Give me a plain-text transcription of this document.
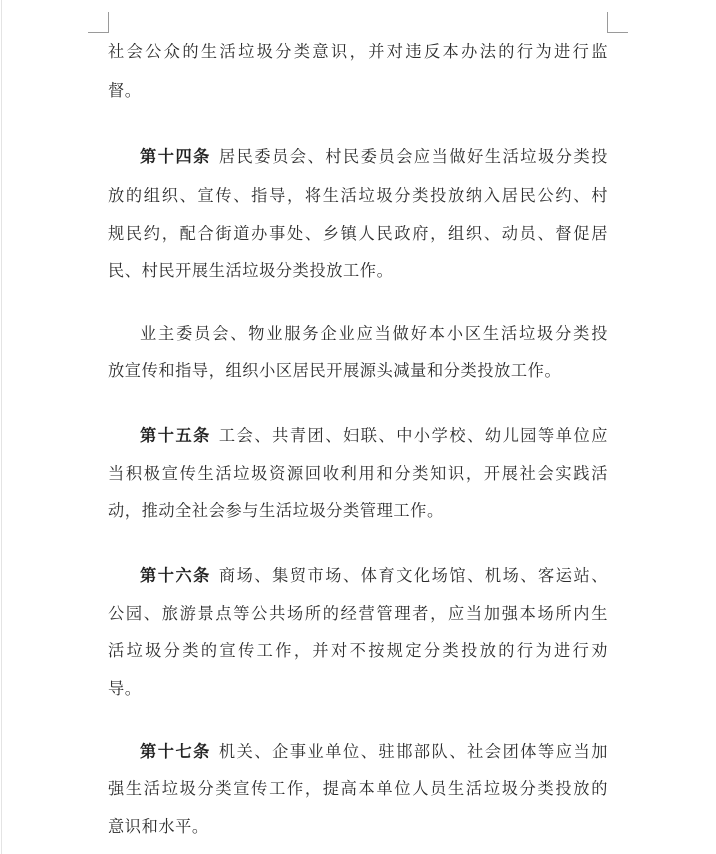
社会公众的生活垃圾分类意识，并对违反本办法的行为进行监
督。
第十四条 居民委员会、村民委员会应当做好生活垃圾分类投
放的组织、宣传、指导，将生活垃圾分类投放纳入居民公约、村
规民约，配合街道办事处、乡镇人民政府，组织、动员、督促居
民、村民开展生活垃圾分类投放工作。
业主委员会、物业服务企业应当做好本小区生活垃圾分类投
放宣传和指导，组织小区居民开展源头减量和分类投放工作。
第十五条 工会、共青团、妇联、中小学校、幼儿园等单位应
当积极宣传生活垃圾资源回收利用和分类知识，开展社会实践活
动，推动全社会参与生活垃圾分类管理工作。
第十六条 商场、集贸市场、体育文化场馆、机场、客运站、
公园、旅游景点等公共场所的经营管理者，应当加强本场所内生
活垃圾分类的宣传工作，并对不按规定分类投放的行为进行劝
导。
第十七条 机关、企事业单位、驻邯部队、社会团体等应当加
强生活垃圾分类宣传工作，提高本单位人员生活垃圾分类投放的
意识和水平。
